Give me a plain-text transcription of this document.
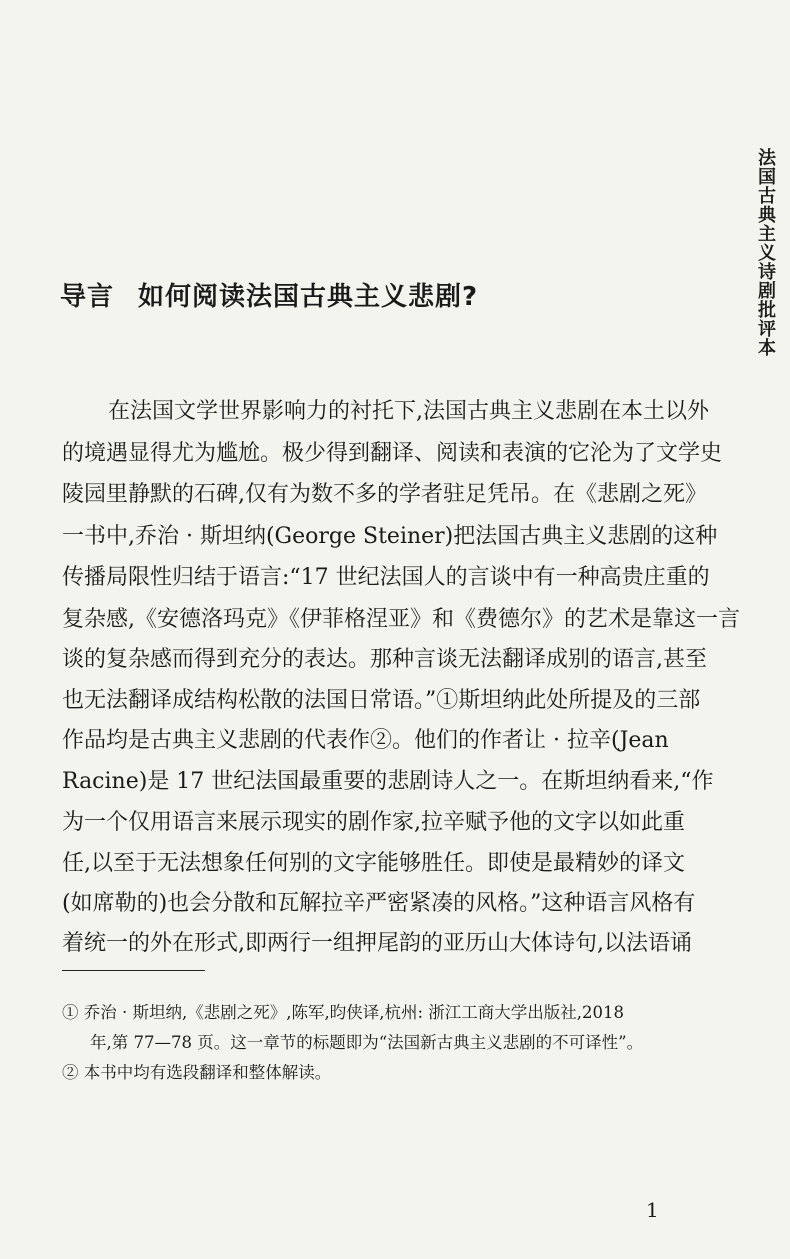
法国古典主义诗剧批评本
导言 如何阅读法国古典主义悲剧?
在法国文学世界影响力的衬托下,法国古典主义悲剧在本土以外
的境遇显得尤为尴尬。极少得到翻译、阅读和表演的它沦为了文学史
陵园里静默的石碑,仅有为数不多的学者驻足凭吊。在《悲剧之死》
一书中,乔治 · 斯坦纳(George Steiner)把法国古典主义悲剧的这种
传播局限性归结于语言:“17 世纪法国人的言谈中有一种高贵庄重的
复杂感,《安德洛玛克》《伊菲格涅亚》和《费德尔》的艺术是靠这一言
谈的复杂感而得到充分的表达。那种言谈无法翻译成别的语言,甚至
也无法翻译成结构松散的法国日常语。”①斯坦纳此处所提及的三部
作品均是古典主义悲剧的代表作②。他们的作者让 · 拉辛(Jean
Racine)是 17 世纪法国最重要的悲剧诗人之一。在斯坦纳看来,“作
为一个仅用语言来展示现实的剧作家,拉辛赋予他的文字以如此重
任,以至于无法想象任何别的文字能够胜任。即使是最精妙的译文
(如席勒的)也会分散和瓦解拉辛严密紧凑的风格。”这种语言风格有
着统一的外在形式,即两行一组押尾韵的亚历山大体诗句,以法语诵
① 乔治 · 斯坦纳,《悲剧之死》,陈军,昀侠译,杭州: 浙江工商大学出版社,2018
年,第 77—78 页。这一章节的标题即为“法国新古典主义悲剧的不可译性”。
② 本书中均有选段翻译和整体解读。
1
